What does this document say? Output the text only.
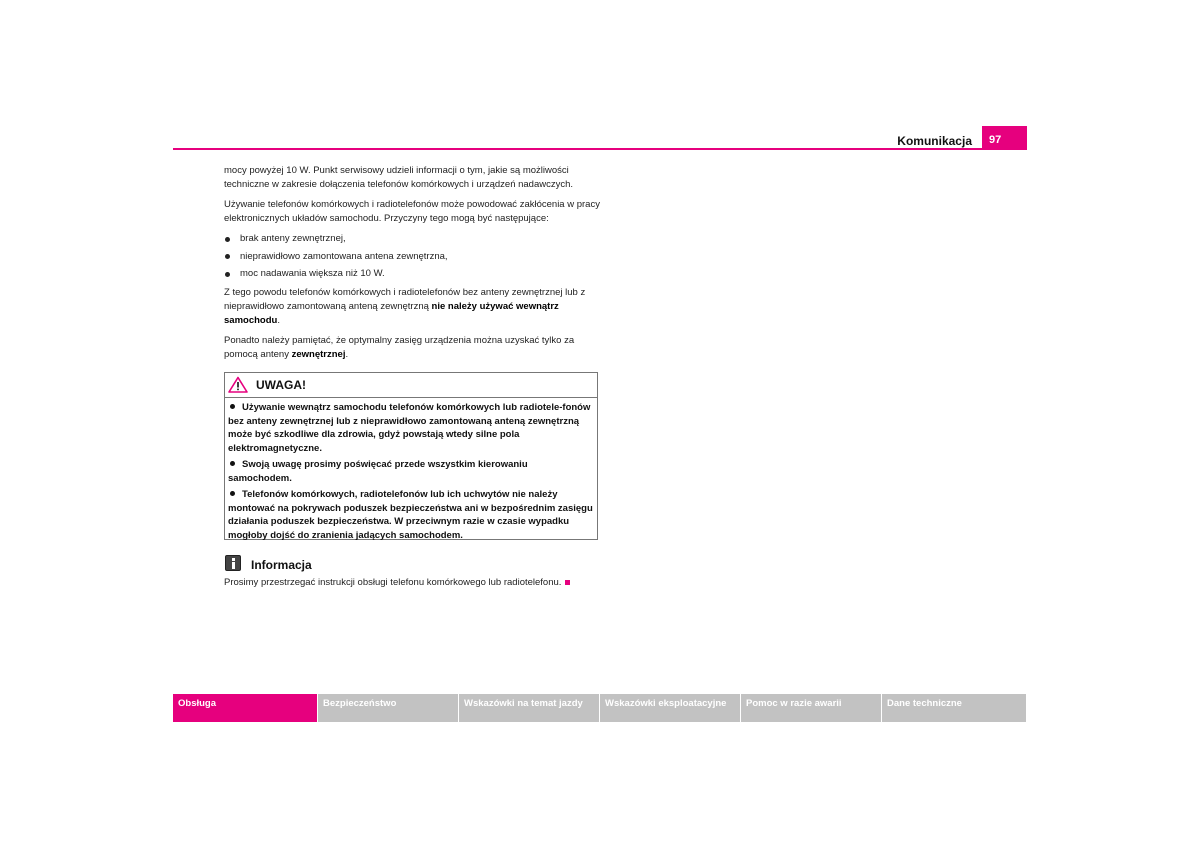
Komunikacja	97

mocy powyżej 10 W. Punkt serwisowy udzieli informacji o tym, jakie są możliwości techniczne w zakresie dołączenia telefonów komórkowych i urządzeń nadawczych.

Używanie telefonów komórkowych i radiotelefonów może powodować zakłócenia w pracy elektronicznych układów samochodu. Przyczyny tego mogą być następujące:

brak anteny zewnętrznej,
nieprawidłowo zamontowana antena zewnętrzna,
moc nadawania większa niż 10 W.

Z tego powodu telefonów komórkowych i radiotelefonów bez anteny zewnętrznej lub z nieprawidłowo zamontowaną anteną zewnętrzną nie należy używać wewnątrz samochodu.

Ponadto należy pamiętać, że optymalny zasięg urządzenia można uzyskać tylko za pomocą anteny zewnętrznej.

UWAGA!

Używanie wewnątrz samochodu telefonów komórkowych lub radiotele-fonów bez anteny zewnętrznej lub z nieprawidłowo zamontowaną anteną zewnętrzną może być szkodliwe dla zdrowia, gdyż powstają wtedy silne pola elektromagnetyczne.

Swoją uwagę prosimy poświęcać przede wszystkim kierowaniu samochodem.

Telefonów komórkowych, radiotelefonów lub ich uchwytów nie należy montować na pokrywach poduszek bezpieczeństwa ani w bezpośrednim zasięgu działania poduszek bezpieczeństwa. W przeciwnym razie w czasie wypadku mogłoby dojść do zranienia jadących samochodem.

Informacja
Prosimy przestrzegać instrukcji obsługi telefonu komórkowego lub radiotelefonu.
Obsługa	Bezpieczeństwo	Wskazówki na temat jazdy	Wskazówki eksploatacyjne	Pomoc w razie awarii	Dane techniczne
